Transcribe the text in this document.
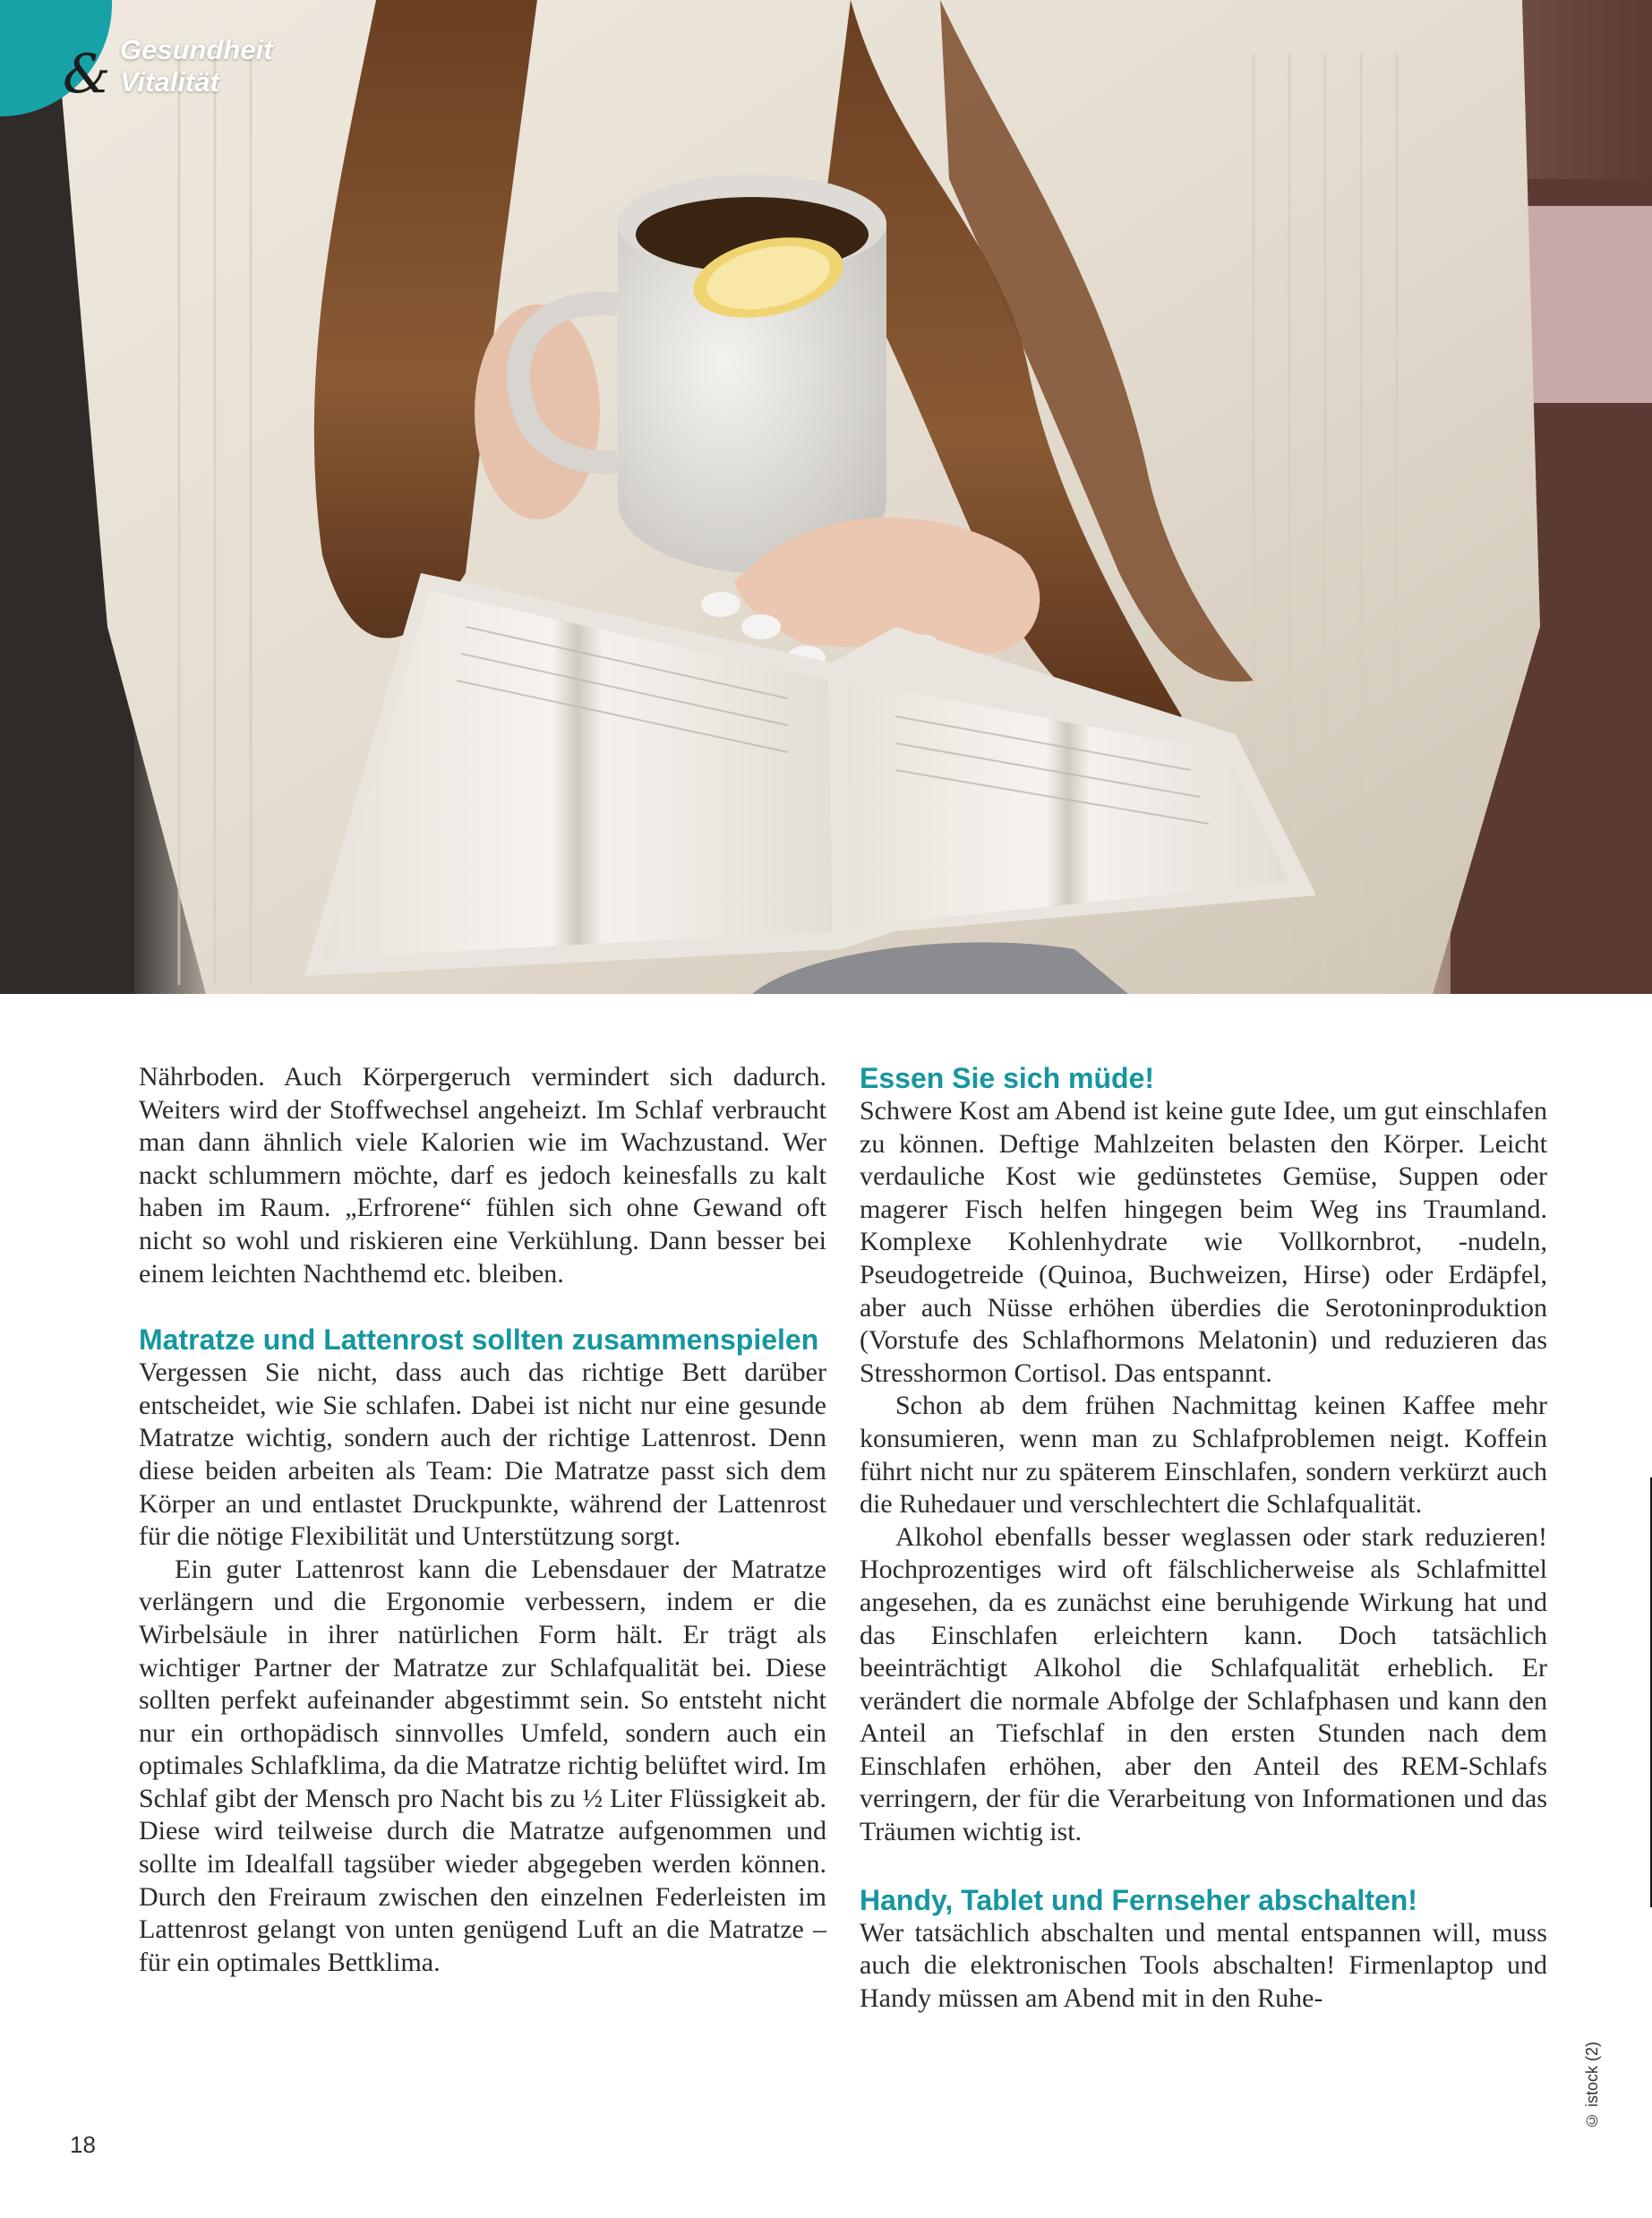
& Gesundheit
Vitalität

Nährboden. Auch Körpergeruch vermindert sich dadurch. Weiters wird der Stoffwechsel angeheizt. Im Schlaf verbraucht man dann ähnlich viele Kalorien wie im Wachzustand. Wer nackt schlummern möchte, darf es jedoch keinesfalls zu kalt haben im Raum. „Erfrorene“ fühlen sich ohne Gewand oft nicht so wohl und riskieren eine Verkühlung. Dann besser bei einem leichten Nachthemd etc. bleiben.

Matratze und Lattenrost sollten zusammenspielen

Vergessen Sie nicht, dass auch das richtige Bett darüber entscheidet, wie Sie schlafen. Dabei ist nicht nur eine gesunde Matratze wichtig, sondern auch der richtige Lattenrost. Denn diese beiden arbeiten als Team: Die Matratze passt sich dem Körper an und entlastet Druckpunkte, während der Lattenrost für die nötige Flexibilität und Unterstützung sorgt.

Ein guter Lattenrost kann die Lebensdauer der Matratze verlängern und die Ergonomie verbessern, indem er die Wirbelsäule in ihrer natürlichen Form hält. Er trägt als wichtiger Partner der Matratze zur Schlafqualität bei. Diese sollten perfekt aufeinander abgestimmt sein. So entsteht nicht nur ein orthopädisch sinnvolles Umfeld, sondern auch ein optimales Schlafklima, da die Matratze richtig belüftet wird. Im Schlaf gibt der Mensch pro Nacht bis zu ½ Liter Flüssigkeit ab. Diese wird teilweise durch die Matratze aufgenommen und sollte im Idealfall tagsüber wieder abgegeben werden können. Durch den Freiraum zwischen den einzelnen Federleisten im Lattenrost gelangt von unten genügend Luft an die Matratze – für ein optimales Bettklima.

Essen Sie sich müde!

Schwere Kost am Abend ist keine gute Idee, um gut einschlafen zu können. Deftige Mahlzeiten belasten den Körper. Leicht verdauliche Kost wie gedünstetes Gemüse, Suppen oder magerer Fisch helfen hingegen beim Weg ins Traumland. Komplexe Kohlenhydrate wie Vollkornbrot, -nudeln, Pseudogetreide (Quinoa, Buchweizen, Hirse) oder Erdäpfel, aber auch Nüsse erhöhen überdies die Serotoninproduktion (Vorstufe des Schlafhormons Melatonin) und reduzieren das Stresshormon Cortisol. Das entspannt.

Schon ab dem frühen Nachmittag keinen Kaffee mehr konsumieren, wenn man zu Schlafproblemen neigt. Koffein führt nicht nur zu späterem Einschlafen, sondern verkürzt auch die Ruhedauer und verschlechtert die Schlafqualität.

Alkohol ebenfalls besser weglassen oder stark reduzieren! Hochprozentiges wird oft fälschlicherweise als Schlafmittel angesehen, da es zunächst eine beruhigende Wirkung hat und das Einschlafen erleichtern kann. Doch tatsächlich beeinträchtigt Alkohol die Schlafqualität erheblich. Er verändert die normale Abfolge der Schlafphasen und kann den Anteil an Tiefschlaf in den ersten Stunden nach dem Einschlafen erhöhen, aber den Anteil des REM-Schlafs verringern, der für die Verarbeitung von Informationen und das Träumen wichtig ist.

Handy, Tablet und Fernseher abschalten!

Wer tatsächlich abschalten und mental entspannen will, muss auch die elektronischen Tools abschalten! Firmenlaptop und Handy müssen am Abend mit in den Ruhe-

© istock (2)
18
